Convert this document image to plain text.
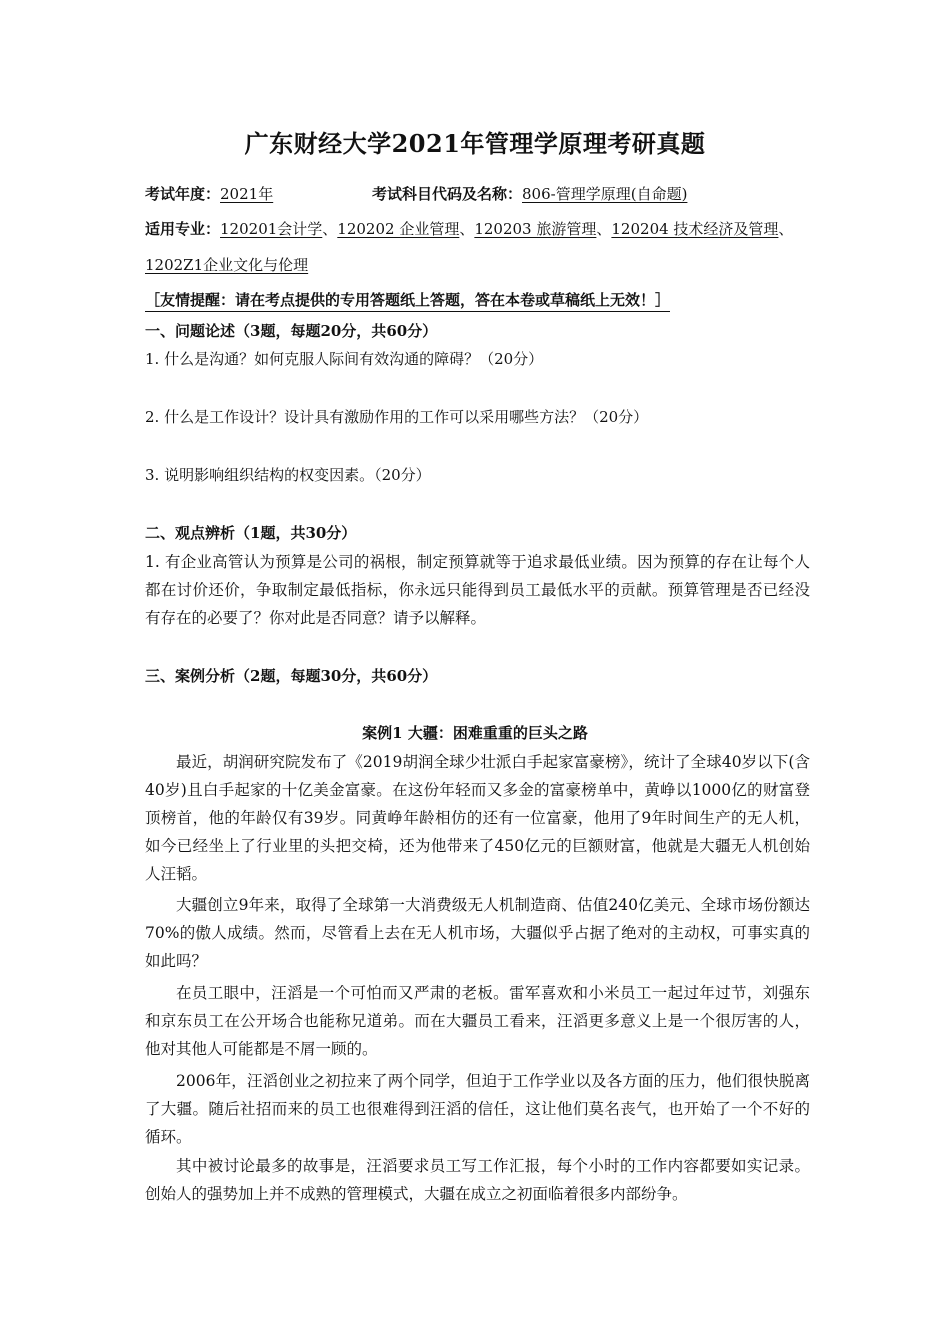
广东财经大学2021年管理学原理考研真题
考试年度：2021年	考试科目代码及名称：806-管理学原理(自命题)
适用专业：120201会计学、120202 企业管理、120203 旅游管理、120204 技术经济及管理、
1202Z1企业文化与伦理
［友情提醒：请在考点提供的专用答题纸上答题，答在本卷或草稿纸上无效！］
一、问题论述（3题，每题20分，共60分）
1. 什么是沟通？如何克服人际间有效沟通的障碍？（20分）
2. 什么是工作设计？设计具有激励作用的工作可以采用哪些方法？（20分）
3. 说明影响组织结构的权变因素。（20分）
二、观点辨析（1题，共30分）
1. 有企业高管认为预算是公司的祸根，制定预算就等于追求最低业绩。因为预算的存在让每个人都在讨价还价，争取制定最低指标，你永远只能得到员工最低水平的贡献。预算管理是否已经没有存在的必要了？你对此是否同意？请予以解释。
三、案例分析（2题，每题30分，共60分）
案例1 大疆：困难重重的巨头之路
最近，胡润研究院发布了《2019胡润全球少壮派白手起家富豪榜》，统计了全球40岁以下(含40岁)且白手起家的十亿美金富豪。在这份年轻而又多金的富豪榜单中，黄峥以1000亿的财富登顶榜首，他的年龄仅有39岁。同黄峥年龄相仿的还有一位富豪，他用了9年时间生产的无人机，如今已经坐上了行业里的头把交椅，还为他带来了450亿元的巨额财富，他就是大疆无人机创始人汪韬。
大疆创立9年来，取得了全球第一大消费级无人机制造商、估值240亿美元、全球市场份额达70%的傲人成绩。然而，尽管看上去在无人机市场，大疆似乎占据了绝对的主动权，可事实真的如此吗？
在员工眼中，汪滔是一个可怕而又严肃的老板。雷军喜欢和小米员工一起过年过节，刘强东和京东员工在公开场合也能称兄道弟。而在大疆员工看来，汪滔更多意义上是一个很厉害的人，他对其他人可能都是不屑一顾的。
2006年，汪滔创业之初拉来了两个同学，但迫于工作学业以及各方面的压力，他们很快脱离了大疆。随后社招而来的员工也很难得到汪滔的信任，这让他们莫名丧气，也开始了一个不好的循环。
其中被讨论最多的故事是，汪滔要求员工写工作汇报，每个小时的工作内容都要如实记录。创始人的强势加上并不成熟的管理模式，大疆在成立之初面临着很多内部纷争。
